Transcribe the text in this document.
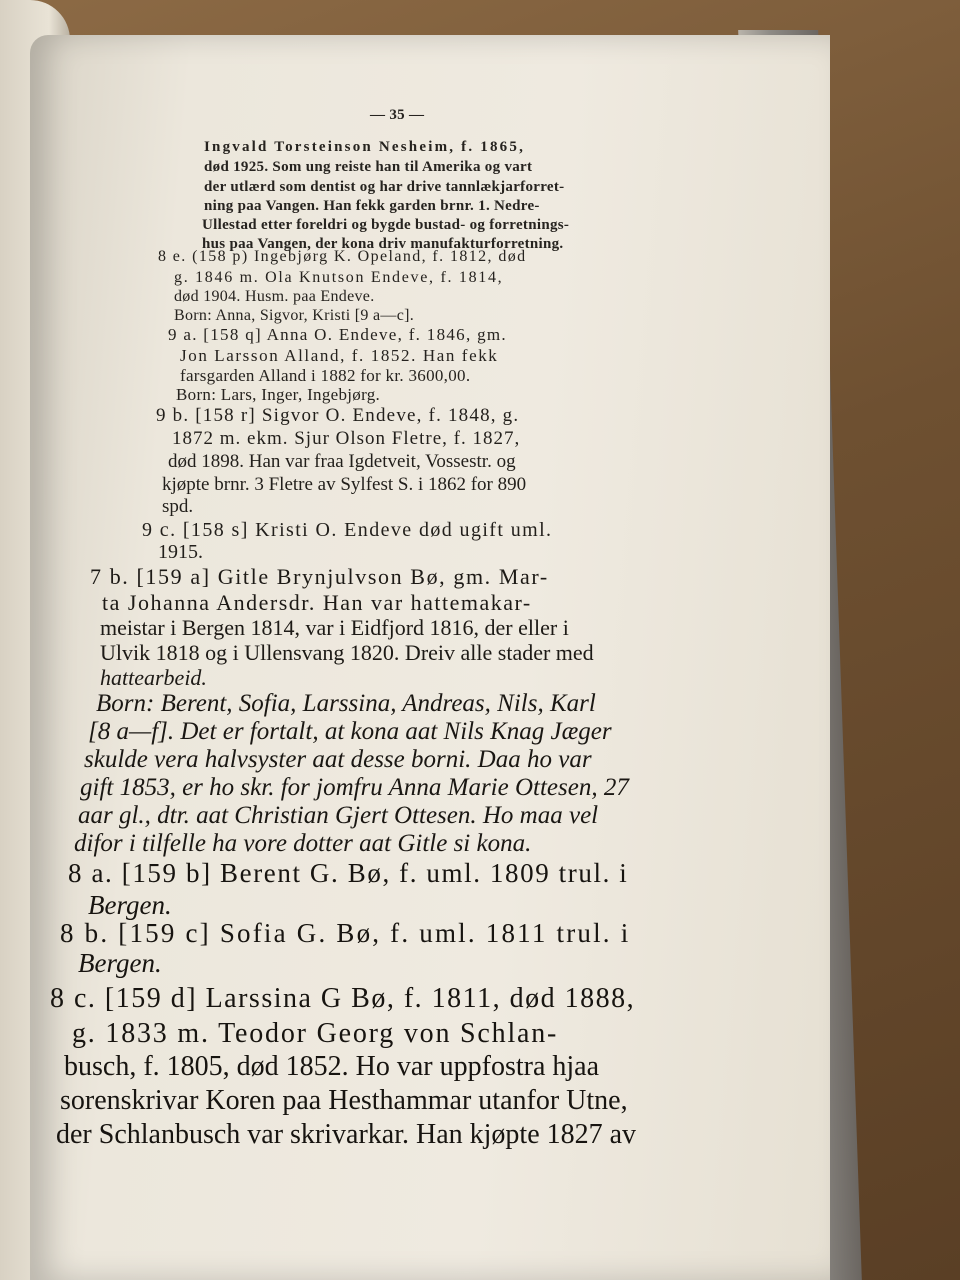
— 35 —
Ingvald Torsteinson Nesheim, f. 1865,
død 1925. Som ung reiste han til Amerika og vart
der utlærd som dentist og har drive tannlækjarforret-
ning paa Vangen. Han fekk garden brnr. 1. Nedre-
Ullestad etter foreldri og bygde bustad- og forretnings-
hus paa Vangen, der kona driv manufakturforretning.
8 e. (158 p) Ingebjørg K. Opeland, f. 1812, død
g. 1846 m. Ola Knutson Endeve, f. 1814,
død 1904. Husm. paa Endeve.
Born: Anna, Sigvor, Kristi [9 a—c].
9 a. [158 q] Anna O. Endeve, f. 1846, gm.
Jon Larsson Alland, f. 1852. Han fekk
farsgarden Alland i 1882 for kr. 3600,00.
Born: Lars, Inger, Ingebjørg.
9 b. [158 r] Sigvor O. Endeve, f. 1848, g.
1872 m. ekm. Sjur Olson Fletre, f. 1827,
død 1898. Han var fraa Igdetveit, Vossestr. og
kjøpte brnr. 3 Fletre av Sylfest S. i 1862 for 890
spd.
9 c. [158 s] Kristi O. Endeve død ugift uml.
1915.
7 b. [159 a] Gitle Brynjulvson Bø, gm. Mar-
ta Johanna Andersdr. Han var hattemakar-
meistar i Bergen 1814, var i Eidfjord 1816, der eller i
Ulvik 1818 og i Ullensvang 1820. Dreiv alle stader med
hattearbeid.
Born: Berent, Sofia, Larssina, Andreas, Nils, Karl
[8 a—f]. Det er fortalt, at kona aat Nils Knag Jæger
skulde vera halvsyster aat desse borni. Daa ho var
gift 1853, er ho skr. for jomfru Anna Marie Ottesen, 27
aar gl., dtr. aat Christian Gjert Ottesen. Ho maa vel
difor i tilfelle ha vore dotter aat Gitle si kona.
8 a. [159 b] Berent G. Bø, f. uml. 1809 trul. i
Bergen.
8 b. [159 c] Sofia G. Bø, f. uml. 1811 trul. i
Bergen.
8 c. [159 d] Larssina G Bø, f. 1811, død 1888,
g. 1833 m. Teodor Georg von Schlan-
busch, f. 1805, død 1852. Ho var uppfostra hjaa
sorenskrivar Koren paa Hesthammar utanfor Utne,
der Schlanbusch var skrivarkar. Han kjøpte 1827 av
